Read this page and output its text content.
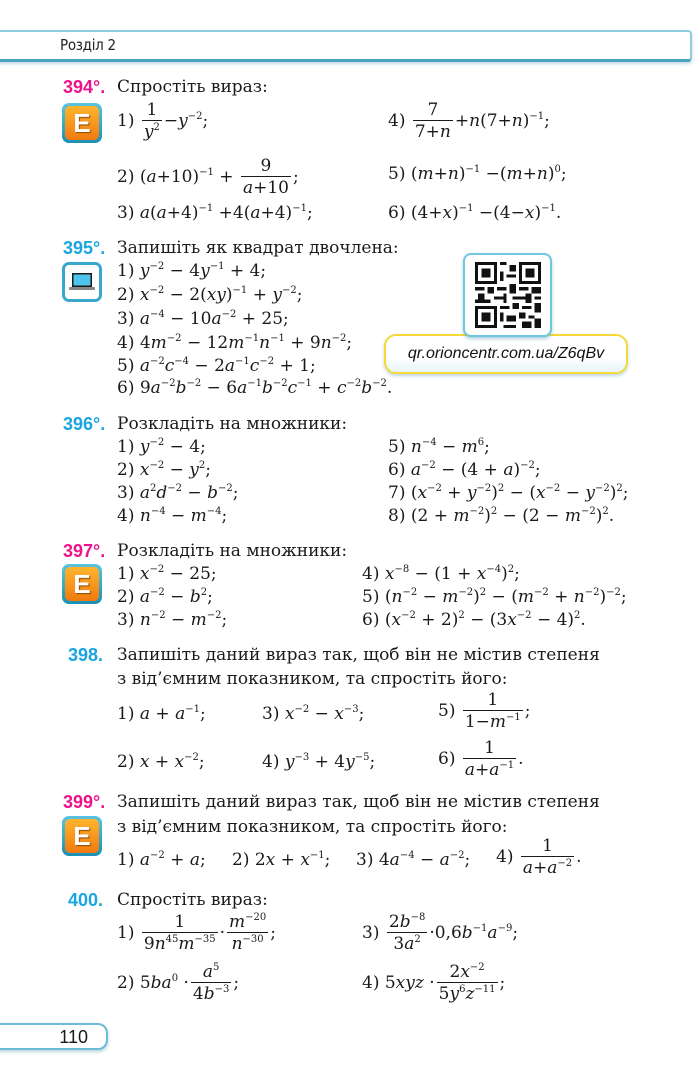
Розділ 2
394°. Спростіть вираз:
E	$1) \frac{1}{y^2} -y^{-2}$;	$4) \frac{7}{7+n} +n(7+n)^{-1}$;
2) $(a+10)^{-1} + \frac{9}{a+10}$ ;	5) $(m+n)^{-1} -(m+n)^0$;
3) $a(a+4)^{-1} +4(a+4)^{-1}$;	6) $(4+x)^{-1} -(4-x)^{-1}$.
395°. Запишіть як квадрат двочлена:
1) $y^{-2} - 4y^{-1} + 4$;
2) $x^{-2} - 2(xy)^{-1} + y^{-2}$;
3) $a^{-4} - 10a^{-2} + 25$;
4) $4m^{-2} - 12m^{-1}n^{-1} + 9n^{-2}$;
5) $a^{-2}c^{-4} - 2a^{-1}c^{-2} + 1$;
6) $9a^{-2}b^{-2} - 6a^{-1}b^{-2}c^{-1} + c^{-2}b^{-2}$.
qr.orioncentr.com.ua/Z6qBv
396°. Розкладіть на множники:
1) $y^{-2} - 4$;
2) $x^{-2} - y^2$;
3) $a^2d^{-2} - b^{-2}$;
4) $n^{-4} - m^{-4}$;
5) $n^{-4} - m^6$;
6) $a^{-2} - (4 + a)^{-2}$;
7) $(x^{-2} + y^{-2})^2 - (x^{-2} - y^{-2})^2$;
8) $(2 + m^{-2})^2 - (2 - m^{-2})^2$.
397°. Розкладіть на множники:
E	1) $x^{-2} - 25$;
2) $a^{-2} - b^2$;
3) $n^{-2} - m^{-2}$;
4) $x^{-8} - (1 + x^{-4})^2$;
5) $(n^{-2} - m^{-2})^2 - (m^{-2} + n^{-2})^{-2}$;
6) $(x^{-2} + 2)^2 - (3x^{-2} - 4)^2$.
398. Запишіть даний вираз так, щоб він не містив степеня
з від’ємним показником, та спростіть його:
1) $a + a^{-1}$;
2) $x + x^{-2}$;
3) $x^{-2} - x^{-3}$;
4) $y^{-3} + 4y^{-5}$;
$5) \frac{1}{1-m^{-1}}$ ;
$6) \frac{1}{a+a^{-1}}$ .
399°. Запишіть даний вираз так, щоб він не містив степеня
з від’ємним показником, та спростіть його:
E
1) $a^{-2} + a$; 2) $2x + x^{-1}$; 3) $4a^{-4} - a^{-2}$; $4) \frac{1}{a+a^{-2}}$ .
400. Спростіть вираз:
$1) \frac{1}{9n^{45}m^{-35}} \cdot \frac{m^{-20}}{n^{-30}}$ ;
2) $5ba^0 \cdot \frac{a^5}{4b^{-3}}$ ;
$3) \frac{2b^{-8}}{3a^2} \cdot 0,6b^{-1}a^{-9}$;
4) $5xyz \cdot \frac{2x^{-2}}{5y^6z^{-11}}$ ;
110
